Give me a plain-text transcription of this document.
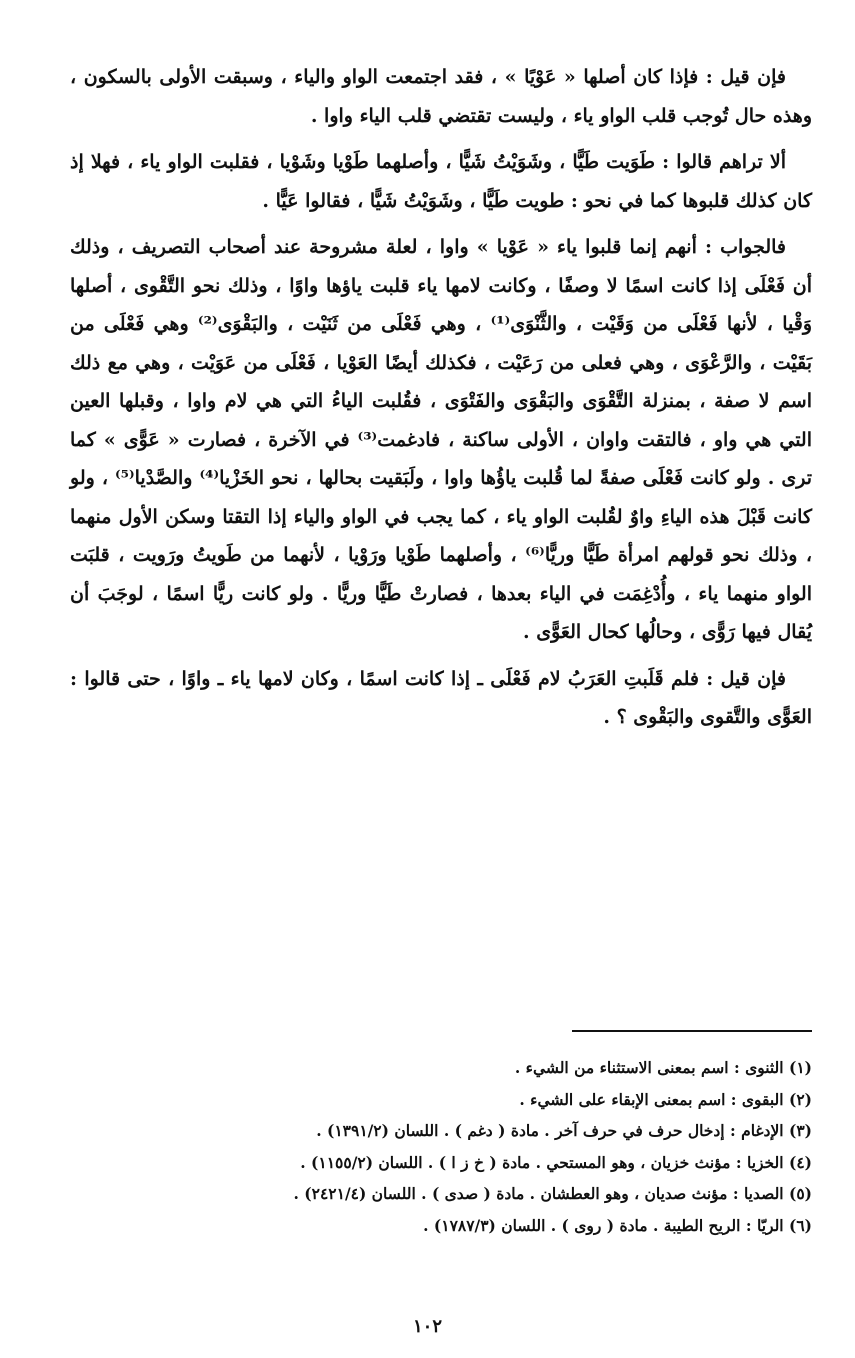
فإن قيل : فإذا كان أصلها « عَوْيًا » ، فقد اجتمعت الواو والياء ، وسبقت الأولى بالسكون ، وهذه حال تُوجب قلب الواو ياء ، وليست تقتضي قلب الياء واوا .

ألا تراهم قالوا : طَوَيت طَيًّا ، وشَوَيْتُ شَيًّا ، وأصلهما طَوْيا وشَوْيا ، فقلبت الواو ياء ، فهلا إذ كان كذلك قلبوها كما في نحو : طويت طَيًّا ، وشَوَيْتُ شَيًّا ، فقالوا عَيًّا .

فالجواب : أنهم إنما قلبوا ياء « عَوْيا » واوا ، لعلة مشروحة عند أصحاب التصريف ، وذلك أن فَعْلَى إذا كانت اسمًا لا وصفًا ، وكانت لامها ياء قلبت ياؤها واوًا ، وذلك نحو التَّقْوى ، أصلها وَقْيا ، لأنها فَعْلَى من وَقَيْت ، والثَّنْوَى⁽¹⁾ ، وهي فَعْلَى من ثَنَيْت ، والبَقْوَى⁽²⁾ وهي فَعْلَى من بَقَيْت ، والرَّعْوَى ، وهي فعلى من رَعَيْت ، فكذلك أيضًا العَوْيا ، فَعْلَى من عَوَيْت ، وهي مع ذلك اسم لا صفة ، بمنزلة التَّقْوَى والبَقْوَى والفَتْوَى ، فقُلبت الياءُ التي هي لام واوا ، وقبلها العين التي هي واو ، فالتقت واوان ، الأولى ساكنة ، فادغمت⁽³⁾ في الآخرة ، فصارت « عَوًّى » كما ترى . ولو كانت فَعْلَى صفةً لما قُلبت ياؤُها واوا ، ولَبَقيت بحالها ، نحو الخَزْيا⁽⁴⁾ والصَّدْيا⁽⁵⁾ ، ولو كانت قَبْلَ هذه الياءِ واوٌ لقُلبت الواو ياء ، كما يجب في الواو والياء إذا التقتا وسكن الأول منهما ، وذلك نحو قولهم امرأة طَيًّا وريًّا⁽⁶⁾ ، وأصلهما طَوْيا ورَوْيا ، لأنهما من طَويتُ ورَويت ، قلبَت الواو منهما ياء ، وأُدْغِمَت في الياء بعدها ، فصارتْ طَيًّا وريًّا . ولو كانت ريًّا اسمًا ، لوجَبَ أن يُقال فيها رَوًّى ، وحالُها كحال العَوًّى .

فإن قيل : فلم قَلَبتِ العَرَبُ لام فَعْلَى ـ إذا كانت اسمًا ، وكان لامها ياء ـ واوًا ، حتى قالوا : العَوًّى والتَّقوى والبَقْوى ؟ .

(١) الثنوى : اسم بمعنى الاستثناء من الشيء .
(٢) البقوى : اسم بمعنى الإبقاء على الشيء .
(٣) الإدغام : إدخال حرف في حرف آخر . مادة ( دغم ) . اللسان (١٣٩١/٢) .
(٤) الخزيا : مؤنث خزيان ، وهو المستحي . مادة ( خ ز ا ) . اللسان (١١٥٥/٢) .
(٥) الصديا : مؤنث صديان ، وهو العطشان . مادة ( صدى ) . اللسان (٢٤٢١/٤) .
(٦) الريّا : الريح الطيبة . مادة ( روى ) . اللسان (١٧٨٧/٣) .
١٠٢
